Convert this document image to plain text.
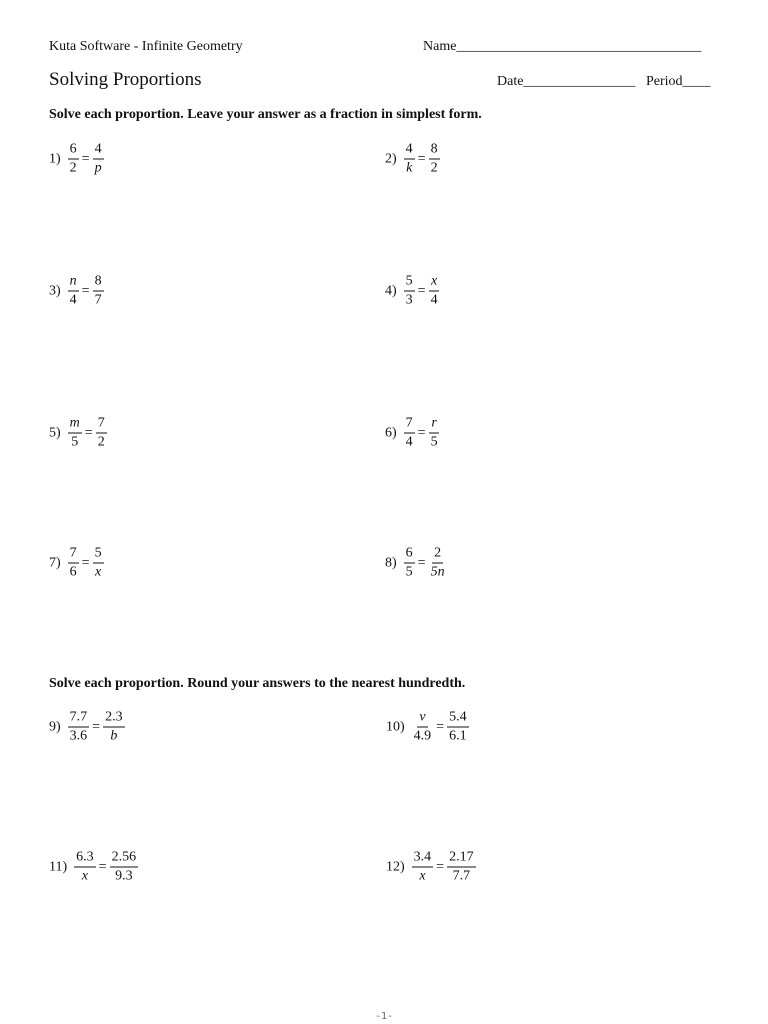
Kuta Software - Infinite Geometry	Name___________________________________
Solving Proportions	Date________________ Period____
Solve each proportion. Leave your answer as a fraction in simplest form.
Solve each proportion. Round your answers to the nearest hundredth.
$1) \frac{6}{2} = \frac{4}{p}$	$2) \frac{4}{k} = \frac{8}{2}$
$3) \frac{n}{4} = \frac{8}{7}$	$4) \frac{5}{3} = \frac{x}{4}$
$5) \frac{m}{5} = \frac{7}{2}$	$6) \frac{7}{4} = \frac{r}{5}$
$7) \frac{7}{6} = \frac{5}{x}$	$8) \frac{6}{5} = \frac{2}{5n}$
$9) \frac{7.7}{3.6} = \frac{2.3}{b}$	$10) \frac{v}{4.9} = \frac{5.4}{6.1}$
$11) \frac{6.3}{x} = \frac{2.56}{9.3}$	$12) \frac{3.4}{x} = \frac{2.17}{7.7}$
-1-
